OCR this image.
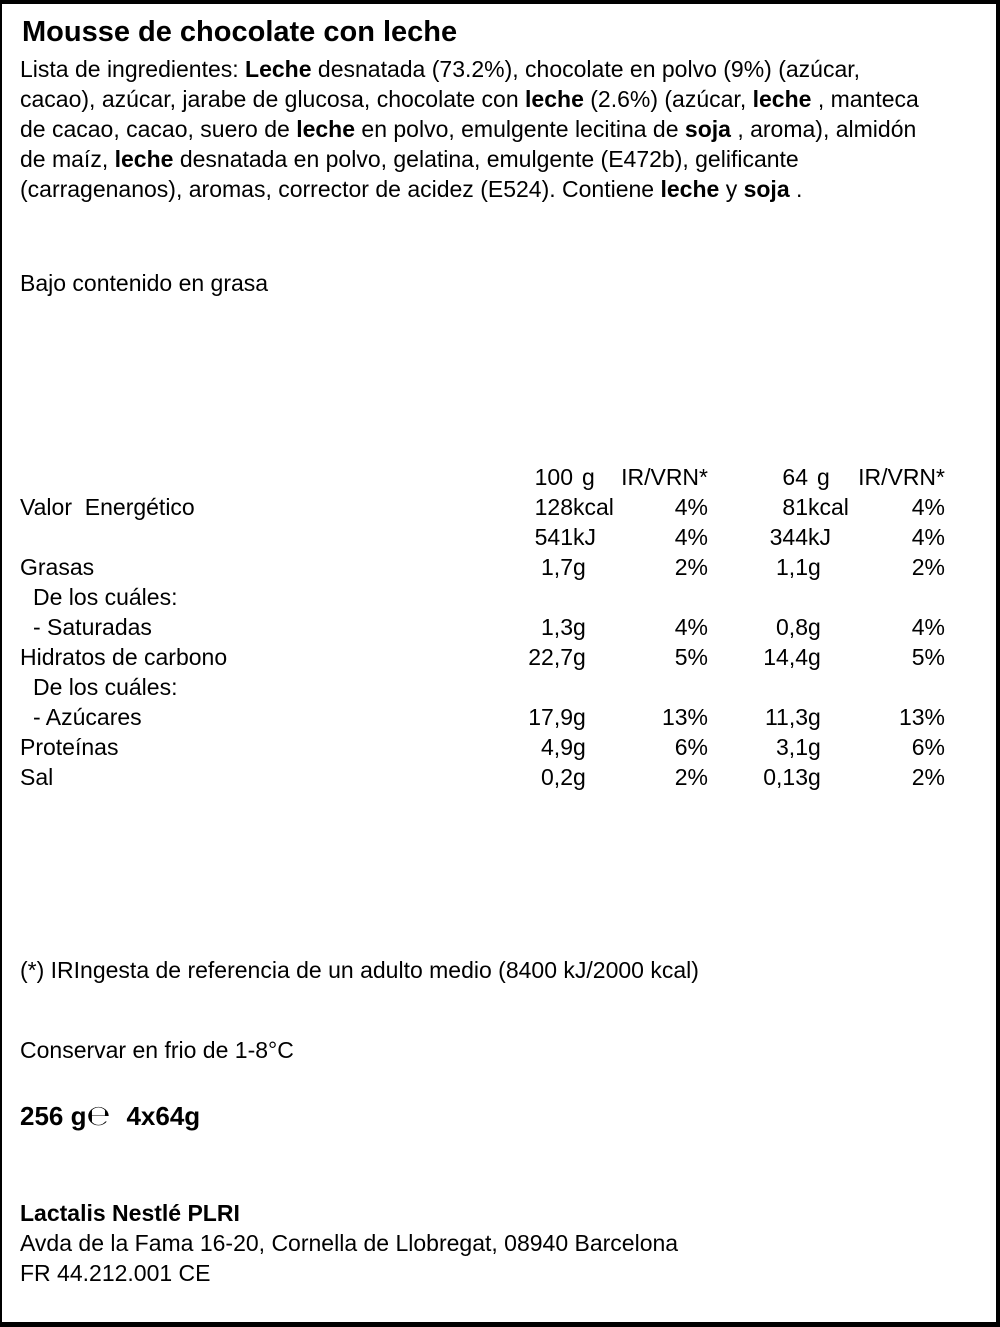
Mousse de chocolate con leche

Lista de ingredientes: Leche desnatada (73.2%), chocolate en polvo (9%) (azúcar, cacao), azúcar, jarabe de glucosa, chocolate con leche (2.6%) (azúcar, leche , manteca de cacao, cacao, suero de leche en polvo, emulgente lecitina de soja , aroma), almidón de maíz, leche desnatada en polvo, gelatina, emulgente (E472b), gelificante (carragenanos), aromas, corrector de acidez (E524). Contiene leche y soja .

Bajo contenido en grasa

100 g	IR/VRN*	64 g	IR/VRN*
Valor  Energético	128 kcal	4%	81 kcal	4%
541 kJ	4%	344 kJ	4%
Grasas	1,7 g	2%	1,1 g	2%
De los cuáles:
- Saturadas	1,3 g	4%	0,8 g	4%
Hidratos de carbono	22,7 g	5%	14,4 g	5%
De los cuáles:
- Azúcares	17,9 g	13%	11,3 g	13%
Proteínas	4,9 g	6%	3,1 g	6%
Sal	0,2 g	2%	0,13 g	2%

(*) IRIngesta de referencia de un adulto medio (8400 kJ/2000 kcal)

Conservar en frio de 1-8°C

256 g℮ 4x64g

Lactalis Nestlé PLRI
Avda de la Fama 16-20, Cornella de Llobregat, 08940 Barcelona
FR 44.212.001 CE
